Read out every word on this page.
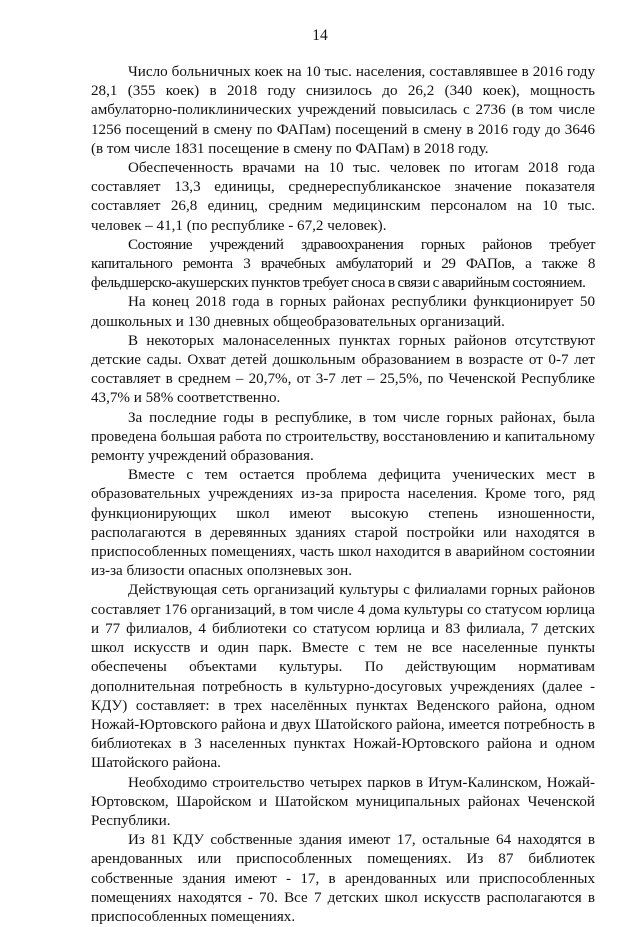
14

Число больничных коек на 10 тыс. населения, составлявшее в 2016 году 28,1 (355 коек) в 2018 году снизилось до 26,2 (340 коек), мощность амбулаторно-поликлинических учреждений повысилась с 2736 (в том числе 1256 посещений в смену по ФАПам) посещений в смену в 2016 году до 3646 (в том числе 1831 посещение в смену по ФАПам) в 2018 году.

Обеспеченность врачами на 10 тыс. человек по итогам 2018 года составляет 13,3 единицы, среднереспубликанское значение показателя составляет 26,8 единиц, средним медицинским персоналом на 10 тыс. человек – 41,1 (по республике - 67,2 человек).

Состояние учреждений здравоохранения горных районов требует капитального ремонта 3 врачебных амбулаторий и 29 ФАПов, а также 8 фельдшерско-акушерских пунктов требует сноса в связи с аварийным состоянием.

На конец 2018 года в горных районах республики функционирует 50 дошкольных и 130 дневных общеобразовательных организаций.

В некоторых малонаселенных пунктах горных районов отсутствуют детские сады. Охват детей дошкольным образованием в возрасте от 0-7 лет составляет в среднем – 20,7%, от 3-7 лет – 25,5%, по Чеченской Республике 43,7% и 58% соответственно.

За последние годы в республике, в том числе горных районах, была проведена большая работа по строительству, восстановлению и капитальному ремонту учреждений образования.

Вместе с тем остается проблема дефицита ученических мест в образовательных учреждениях из-за прироста населения. Кроме того, ряд функционирующих школ имеют высокую степень изношенности, располагаются в деревянных зданиях старой постройки или находятся в приспособленных помещениях, часть школ находится в аварийном состоянии из-за близости опасных оползневых зон.

Действующая сеть организаций культуры с филиалами горных районов составляет 176 организаций, в том числе 4 дома культуры со статусом юрлица и 77 филиалов, 4 библиотеки со статусом юрлица и 83 филиала, 7 детских школ искусств и один парк. Вместе с тем не все населенные пункты обеспечены объектами культуры. По действующим нормативам дополнительная потребность в культурно-досуговых учреждениях (далее - КДУ) составляет: в трех населённых пунктах Веденского района, одном Ножай-Юртовского района и двух Шатойского района, имеется потребность в библиотеках в 3 населенных пунктах Ножай-Юртовского района и одном Шатойского района.

Необходимо строительство четырех парков в Итум-Калинском, Ножай-Юртовском, Шаройском и Шатойском муниципальных районах Чеченской Республики.

Из 81 КДУ собственные здания имеют 17, остальные 64 находятся в арендованных или приспособленных помещениях. Из 87 библиотек собственные здания имеют - 17, в арендованных или приспособленных помещениях находятся - 70. Все 7 детских школ искусств располагаются в приспособленных помещениях.
